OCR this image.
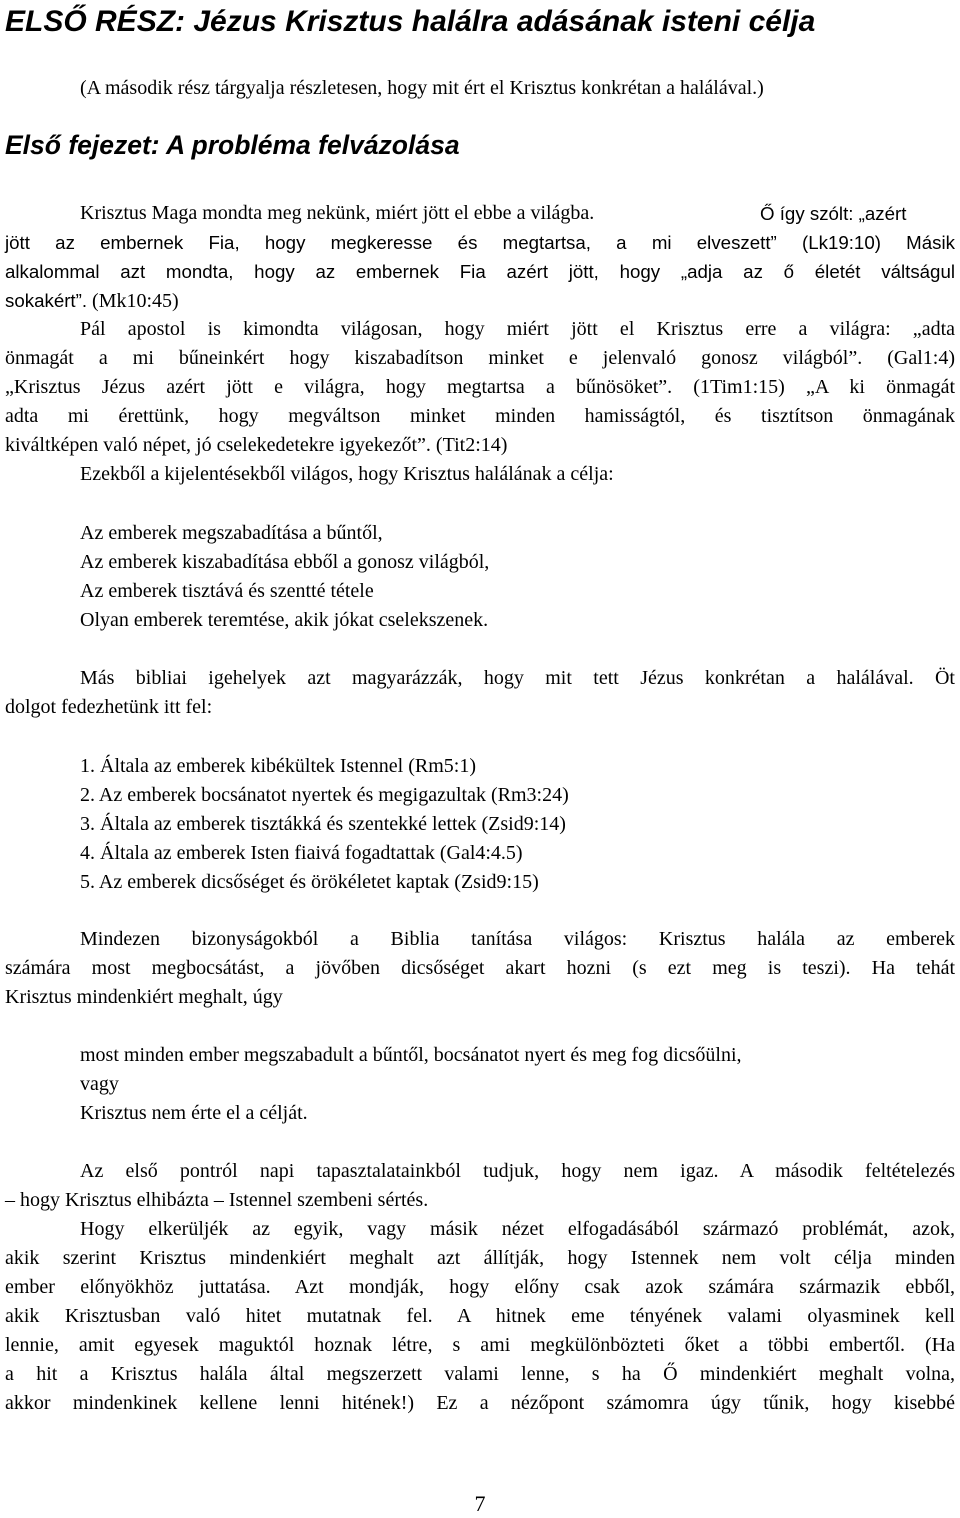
ELSŐ RÉSZ: Jézus Krisztus halálra adásának isteni célja
(A második rész tárgyalja részletesen, hogy mit ért el Krisztus konkrétan a halálával.)
Első fejezet: A probléma felvázolása
Krisztus Maga mondta meg nekünk, miért jött el ebbe a világba.	Ő így szólt: „azért
jött az embernek Fia, hogy megkeresse és megtartsa, a mi elveszett” (Lk19:10) Másik
alkalommal azt mondta, hogy az embernek Fia azért jött, hogy „adja az ő életét váltságul
sokakért”. (Mk10:45)
Pál apostol is kimondta világosan, hogy miért jött el Krisztus erre a világra: „adta
önmagát a mi bűneinkért hogy kiszabadítson minket e jelenvaló gonosz világból”. (Gal1:4)
„Krisztus Jézus azért jött e világra, hogy megtartsa a bűnösöket”. (1Tim1:15) „A ki önmagát
adta mi érettünk, hogy megváltson minket minden hamisságtól, és tisztítson önmagának
kiváltképen való népet, jó cselekedetekre igyekezőt”. (Tit2:14)
Ezekből a kijelentésekből világos, hogy Krisztus halálának a célja:
Az emberek megszabadítása a bűntől,
Az emberek kiszabadítása ebből a gonosz világból,
Az emberek tisztává és szentté tétele
Olyan emberek teremtése, akik jókat cselekszenek.
Más bibliai igehelyek azt magyarázzák, hogy mit tett Jézus konkrétan a halálával. Öt
dolgot fedezhetünk itt fel:
1. Általa az emberek kibékültek Istennel (Rm5:1)
2. Az emberek bocsánatot nyertek és megigazultak (Rm3:24)
3. Általa az emberek tisztákká és szentekké lettek (Zsid9:14)
4. Általa az emberek Isten fiaivá fogadtattak (Gal4:4.5)
5. Az emberek dicsőséget és örökéletet kaptak (Zsid9:15)
Mindezen bizonyságokból a Biblia tanítása világos: Krisztus halála az emberek
számára most megbocsátást, a jövőben dicsőséget akart hozni (s ezt meg is teszi). Ha tehát
Krisztus mindenkiért meghalt, úgy
most minden ember megszabadult a bűntől, bocsánatot nyert és meg fog dicsőülni,
vagy
Krisztus nem érte el a célját.
Az első pontról napi tapasztalatainkból tudjuk, hogy nem igaz. A második feltételezés
– hogy Krisztus elhibázta – Istennel szembeni sértés.
Hogy elkerüljék az egyik, vagy másik nézet elfogadásából származó problémát, azok,
akik szerint Krisztus mindenkiért meghalt azt állítják, hogy Istennek nem volt célja minden
ember előnyökhöz juttatása. Azt mondják, hogy előny csak azok számára származik ebből,
akik Krisztusban való hitet mutatnak fel. A hitnek eme tényének valami olyasminek kell
lennie, amit egyesek maguktól hoznak létre, s ami megkülönbözteti őket a többi embertől. (Ha
a hit a Krisztus halála által megszerzett valami lenne, s ha Ő mindenkiért meghalt volna,
akkor mindenkinek kellene lenni hitének!) Ez a nézőpont számomra úgy tűnik, hogy kisebbé
7
